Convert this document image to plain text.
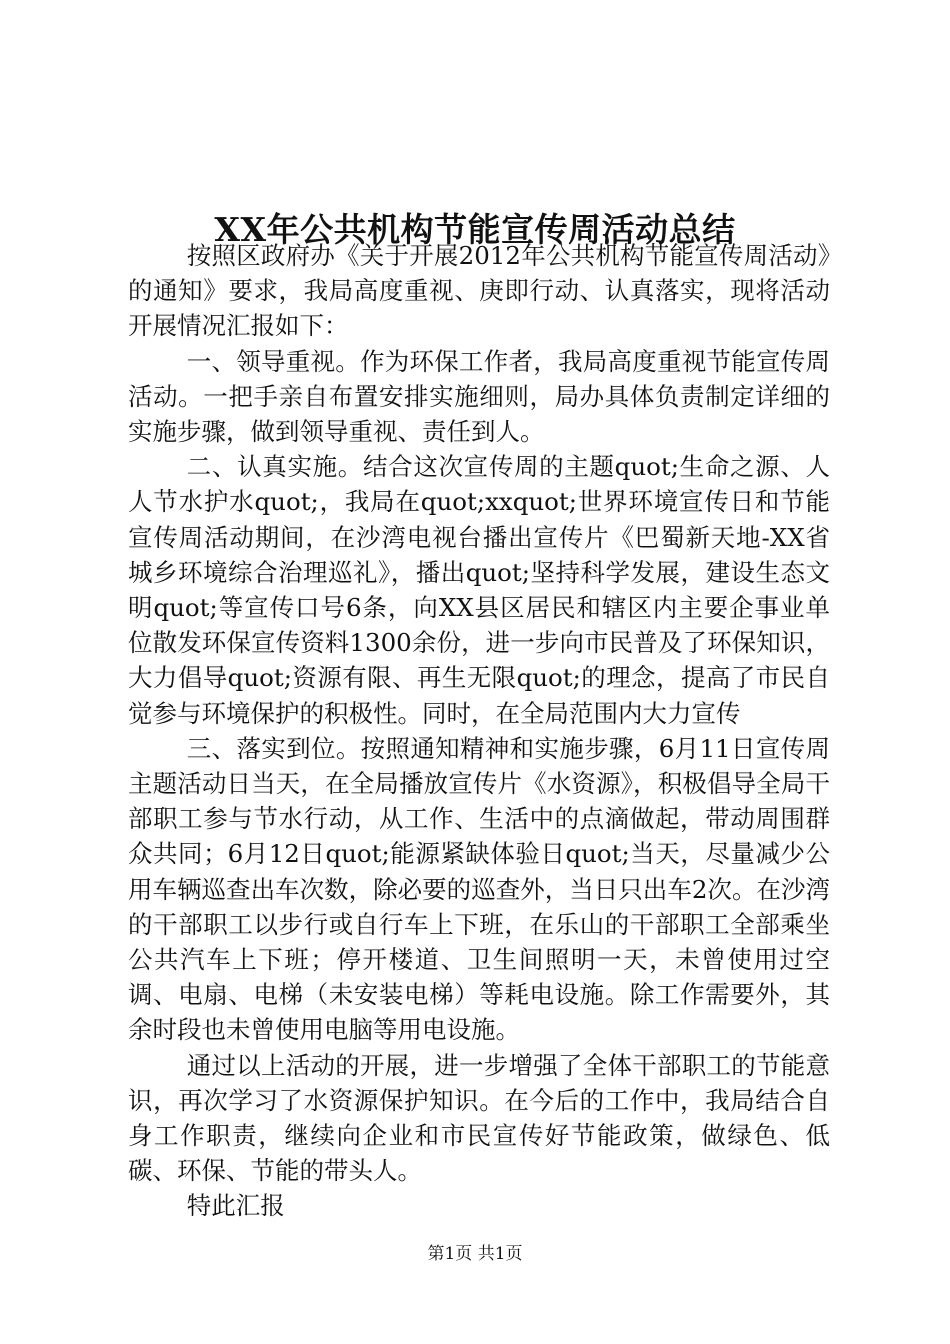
XX年公共机构节能宣传周活动总结

按照区政府办《关于开展2012年公共机构节能宣传周活动》的通知》要求，我局高度重视、庚即行动、认真落实，现将活动开展情况汇报如下：

一、领导重视。作为环保工作者，我局高度重视节能宣传周活动。一把手亲自布置安排实施细则，局办具体负责制定详细的实施步骤，做到领导重视、责任到人。

二、认真实施。结合这次宣传周的主题quot;生命之源、人人节水护水quot;，我局在quot;xxquot;世界环境宣传日和节能宣传周活动期间，在沙湾电视台播出宣传片《巴蜀新天地-XX省城乡环境综合治理巡礼》，播出quot;坚持科学发展，建设生态文明quot;等宣传口号6条，向XX县区居民和辖区内主要企事业单位散发环保宣传资料1300余份，进一步向市民普及了环保知识，大力倡导quot;资源有限、再生无限quot;的理念，提高了市民自觉参与环境保护的积极性。同时，在全局范围内大力宣传

三、落实到位。按照通知精神和实施步骤，6月11日宣传周主题活动日当天，在全局播放宣传片《水资源》，积极倡导全局干部职工参与节水行动，从工作、生活中的点滴做起，带动周围群众共同；6月12日quot;能源紧缺体验日quot;当天，尽量减少公用车辆巡查出车次数，除必要的巡查外，当日只出车2次。在沙湾的干部职工以步行或自行车上下班，在乐山的干部职工全部乘坐公共汽车上下班；停开楼道、卫生间照明一天，未曾使用过空调、电扇、电梯（未安装电梯）等耗电设施。除工作需要外，其余时段也未曾使用电脑等用电设施。

通过以上活动的开展，进一步增强了全体干部职工的节能意识，再次学习了水资源保护知识。在今后的工作中，我局结合自身工作职责，继续向企业和市民宣传好节能政策，做绿色、低碳、环保、节能的带头人。

特此汇报

第1页 共1页
